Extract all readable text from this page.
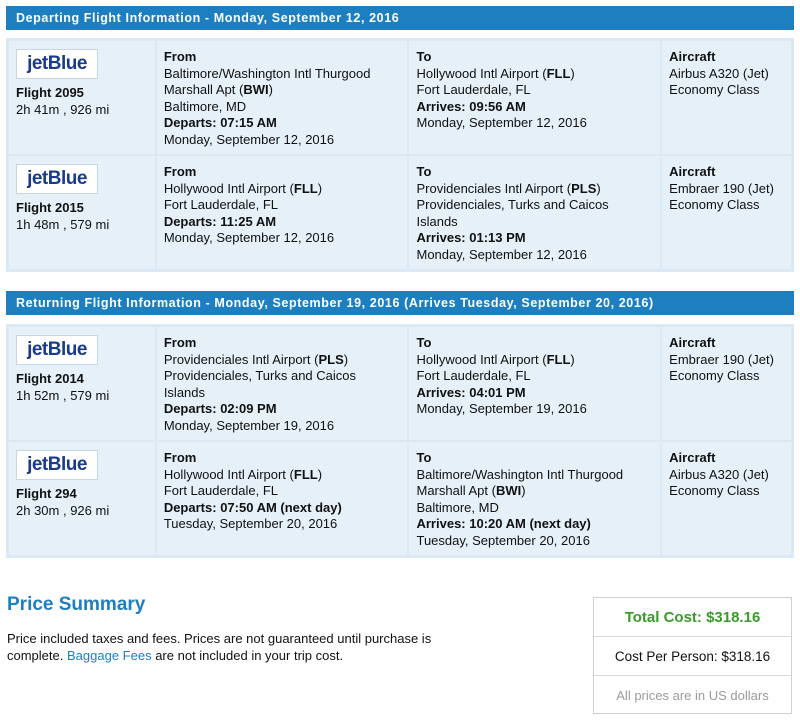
Departing Flight Information - Monday, September 12, 2016
jetBlue
Flight 2095
2h 41m , 926 mi
From
Baltimore/Washington Intl Thurgood Marshall Apt (BWI)
Baltimore, MD
Departs: 07:15 AM
Monday, September 12, 2016
To
Hollywood Intl Airport (FLL)
Fort Lauderdale, FL
Arrives: 09:56 AM
Monday, September 12, 2016
Aircraft
Airbus A320 (Jet)
Economy Class
jetBlue
Flight 2015
1h 48m , 579 mi
From
Hollywood Intl Airport (FLL)
Fort Lauderdale, FL
Departs: 11:25 AM
Monday, September 12, 2016
To
Providenciales Intl Airport (PLS)
Providenciales, Turks and Caicos Islands
Arrives: 01:13 PM
Monday, September 12, 2016
Aircraft
Embraer 190 (Jet)
Economy Class
Returning Flight Information - Monday, September 19, 2016 (Arrives Tuesday, September 20, 2016)
jetBlue
Flight 2014
1h 52m , 579 mi
From
Providenciales Intl Airport (PLS)
Providenciales, Turks and Caicos Islands
Departs: 02:09 PM
Monday, September 19, 2016
To
Hollywood Intl Airport (FLL)
Fort Lauderdale, FL
Arrives: 04:01 PM
Monday, September 19, 2016
Aircraft
Embraer 190 (Jet)
Economy Class
jetBlue
Flight 294
2h 30m , 926 mi
From
Hollywood Intl Airport (FLL)
Fort Lauderdale, FL
Departs: 07:50 AM (next day)
Tuesday, September 20, 2016
To
Baltimore/Washington Intl Thurgood Marshall Apt (BWI)
Baltimore, MD
Arrives: 10:20 AM (next day)
Tuesday, September 20, 2016
Aircraft
Airbus A320 (Jet)
Economy Class
Price Summary
Price included taxes and fees. Prices are not guaranteed until purchase is complete. Baggage Fees are not included in your trip cost.
Total Cost: $318.16
Cost Per Person: $318.16
All prices are in US dollars
